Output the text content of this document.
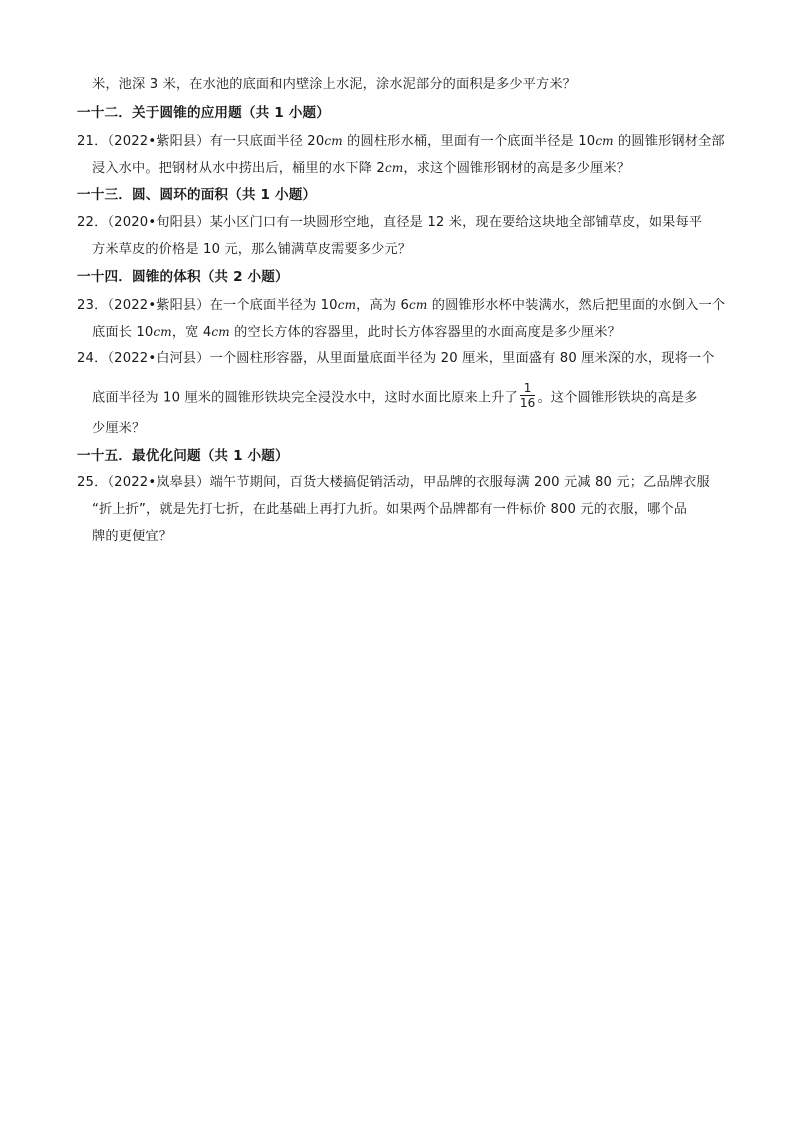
米，池深 3 米，在水池的底面和内壁涂上水泥，涂水泥部分的面积是多少平方米？
一十二．关于圆锥的应用题（共 1 小题）
21．（2022•紫阳县）有一只底面半径 20cm 的圆柱形水桶，里面有一个底面半径是 10cm 的圆锥形钢材全部
浸入水中。把钢材从水中捞出后，桶里的水下降 2cm，求这个圆锥形钢材的高是多少厘米？
一十三．圆、圆环的面积（共 1 小题）
22．（2020•旬阳县）某小区门口有一块圆形空地，直径是 12 米，现在要给这块地全部铺草皮，如果每平
方米草皮的价格是 10 元，那么铺满草皮需要多少元？
一十四．圆锥的体积（共 2 小题）
23．（2022•紫阳县）在一个底面半径为 10cm，高为 6cm 的圆锥形水杯中装满水，然后把里面的水倒入一个
底面长 10cm，宽 4cm 的空长方体的容器里，此时长方体容器里的水面高度是多少厘米？
24．（2022•白河县）一个圆柱形容器，从里面量底面半径为 20 厘米，里面盛有 80 厘米深的水，现将一个
底面半径为 10 厘米的圆锥形铁块完全浸没水中，这时水面比原来上升了 $\frac{1}{16}$ 。这个圆锥形铁块的高是多
少厘米？
一十五．最优化问题（共 1 小题）
25．（2022•岚皋县）端午节期间，百货大楼搞促销活动，甲品牌的衣服每满 200 元减 80 元；乙品牌衣服
“折上折”，就是先打七折，在此基础上再打九折。如果两个品牌都有一件标价 800 元的衣服，哪个品
牌的更便宜？
